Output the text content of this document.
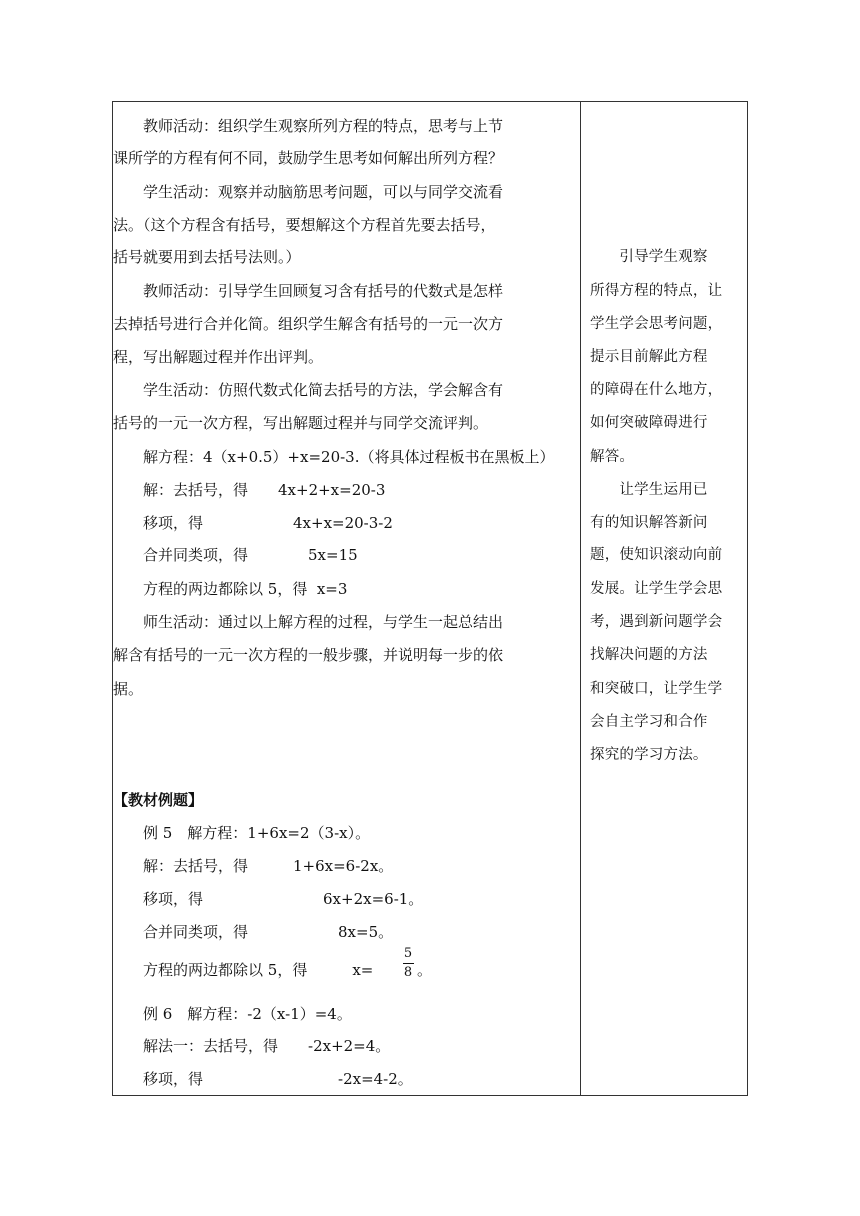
　　教师活动：组织学生观察所列方程的特点，思考与上节
课所学的方程有何不同，鼓励学生思考如何解出所列方程？
　　学生活动：观察并动脑筋思考问题，可以与同学交流看
法。（这个方程含有括号，要想解这个方程首先要去括号，
括号就要用到去括号法则。）
　　教师活动：引导学生回顾复习含有括号的代数式是怎样
去掉括号进行合并化简。组织学生解含有括号的一元一次方
程，写出解题过程并作出评判。
　　学生活动：仿照代数式化简去括号的方法，学会解含有
括号的一元一次方程，写出解题过程并与同学交流评判。
　　解方程：4（x+0.5）+x=20-3.（将具体过程板书在黑板上）
　　解：去括号，得　　4x+2+x=20-3
　　移项，得　　　　　　4x+x=20-3-2
　　合并同类项，得　　　　5x=15
　　方程的两边都除以 5，得  x=3
　　师生活动：通过以上解方程的过程，与学生一起总结出
解含有括号的一元一次方程的一般步骤，并说明每一步的依
据。
【教材例题】
　　例 5　解方程：1+6x=2（3-x）。
　　解：去括号，得　　　1+6x=6-2x。
　　移项，得　　　　　　　　6x+2x=6-1。
　　合并同类项，得　　　　　　8x=5。
　　方程的两边都除以 5，得　　　x=
5
8 。
　　例 6　解方程：-2（x-1）=4。
　　解法一：去括号，得　　-2x+2=4。
　　移项，得　　　　　　　　　-2x=4-2。
　　引导学生观察
所得方程的特点，让
学生学会思考问题，
提示目前解此方程
的障碍在什么地方，
如何突破障碍进行
解答。
　　让学生运用已
有的知识解答新问
题，使知识滚动向前
发展。让学生学会思
考，遇到新问题学会
找解决问题的方法
和突破口，让学生学
会自主学习和合作
探究的学习方法。
